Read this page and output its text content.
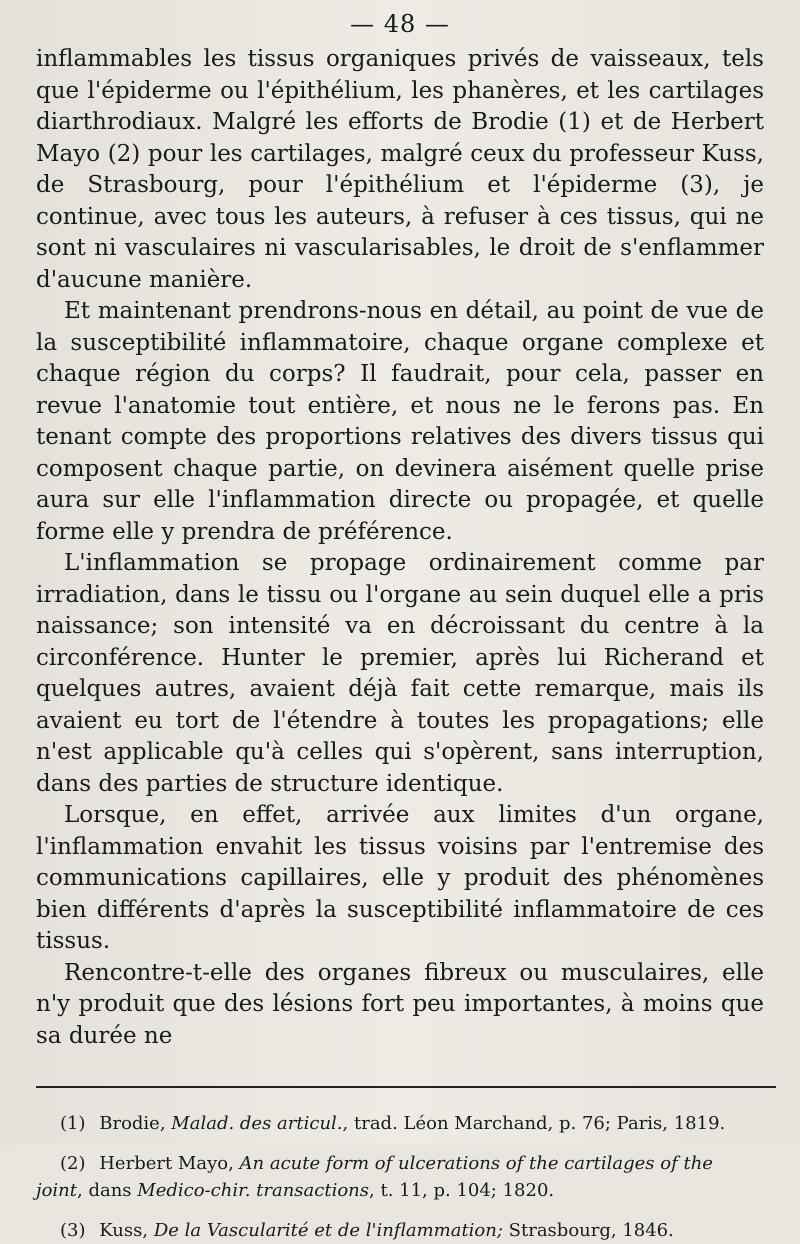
— 48 —

inflammables les tissus organiques privés de vaisseaux, tels que l'épiderme ou l'épithélium, les phanères, et les cartilages diarthrodiaux. Malgré les efforts de Brodie (1) et de Herbert Mayo (2) pour les cartilages, malgré ceux du professeur Kuss, de Strasbourg, pour l'épithélium et l'épiderme (3), je continue, avec tous les auteurs, à refuser à ces tissus, qui ne sont ni vasculaires ni vascularisables, le droit de s'enflammer d'aucune manière.

Et maintenant prendrons-nous en détail, au point de vue de la susceptibilité inflammatoire, chaque organe complexe et chaque région du corps? Il faudrait, pour cela, passer en revue l'anatomie tout entière, et nous ne le ferons pas. En tenant compte des proportions relatives des divers tissus qui composent chaque partie, on devinera aisément quelle prise aura sur elle l'inflammation directe ou propagée, et quelle forme elle y prendra de préférence.

L'inflammation se propage ordinairement comme par irradiation, dans le tissu ou l'organe au sein duquel elle a pris naissance; son intensité va en décroissant du centre à la circonférence. Hunter le premier, après lui Richerand et quelques autres, avaient déjà fait cette remarque, mais ils avaient eu tort de l'étendre à toutes les propagations; elle n'est applicable qu'à celles qui s'opèrent, sans interruption, dans des parties de structure identique.

Lorsque, en effet, arrivée aux limites d'un organe, l'inflammation envahit les tissus voisins par l'entremise des communications capillaires, elle y produit des phénomènes bien différents d'après la susceptibilité inflammatoire de ces tissus.

Rencontre-t-elle des organes fibreux ou musculaires, elle n'y produit que des lésions fort peu importantes, à moins que sa durée ne

(1) Brodie, Malad. des articul., trad. Léon Marchand, p. 76; Paris, 1819.

(2) Herbert Mayo, An acute form of ulcerations of the cartilages of the joint, dans Medico-chir. transactions, t. 11, p. 104; 1820.

(3) Kuss, De la Vascularité et de l'inflammation; Strasbourg, 1846.
